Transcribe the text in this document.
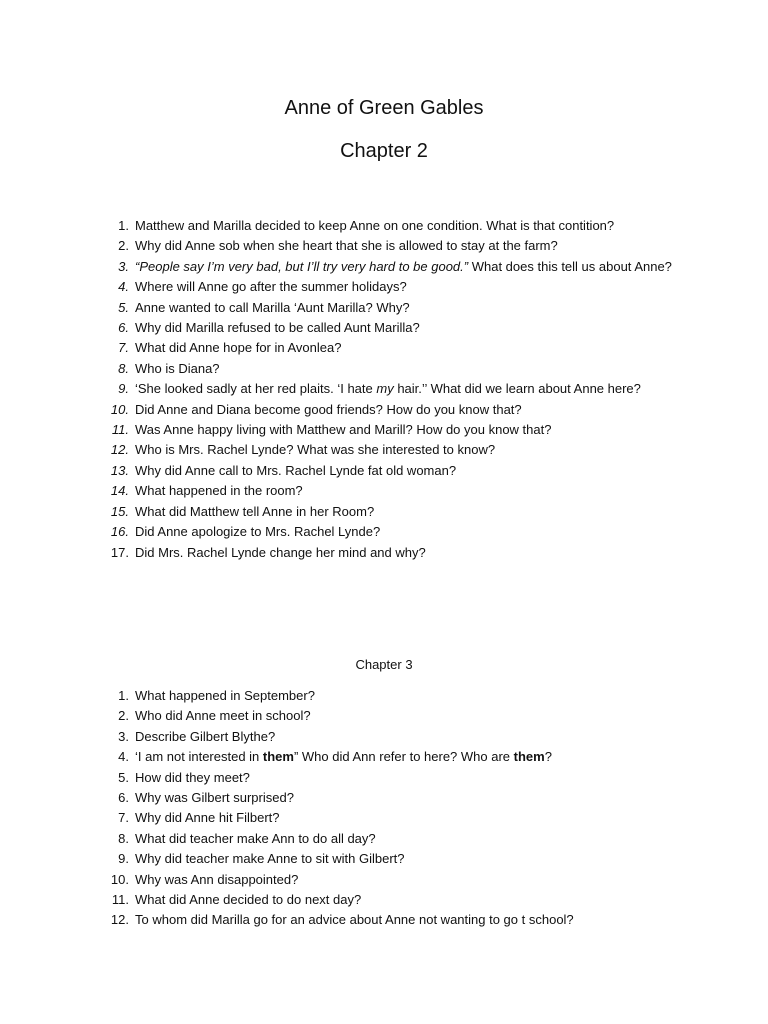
Anne of Green Gables
Chapter 2
1. Matthew and Marilla decided to keep Anne on one condition. What is that contition?
2. Why did Anne sob when she heart that she is allowed to stay at the farm?
3. “People say I’m very bad, but I’ll try very hard to be good.” What does this tell us about Anne?
4. Where will Anne go after the summer holidays?
5. Anne wanted to call Marilla ‘Aunt Marilla? Why?
6. Why did Marilla refused to be called Aunt Marilla?
7. What did Anne hope for in Avonlea?
8. Who is Diana?
9. ‘She looked sadly at her red plaits. ‘I hate my hair.’’ What did we learn about Anne here?
10. Did Anne and Diana become good friends? How do you know that?
11. Was Anne happy living with Matthew and Marill? How do you know that?
12. Who is Mrs. Rachel Lynde? What was she interested to know?
13. Why did Anne call to Mrs. Rachel Lynde fat old woman?
14. What happened in the room?
15. What did Matthew tell Anne in her Room?
16. Did Anne apologize to Mrs. Rachel Lynde?
17. Did Mrs. Rachel Lynde change her mind and why?
Chapter 3
1. What happened in September?
2. Who did Anne meet in school?
3. Describe Gilbert Blythe?
4. ‘I am not interested in them” Who did Ann refer to here? Who are them?
5. How did they meet?
6. Why was Gilbert surprised?
7. Why did Anne hit Filbert?
8. What did teacher make Ann to do all day?
9. Why did teacher make Anne to sit with Gilbert?
10. Why was Ann disappointed?
11. What did Anne decided to do next day?
12. To whom did Marilla go for an advice about Anne not wanting to go t school?
